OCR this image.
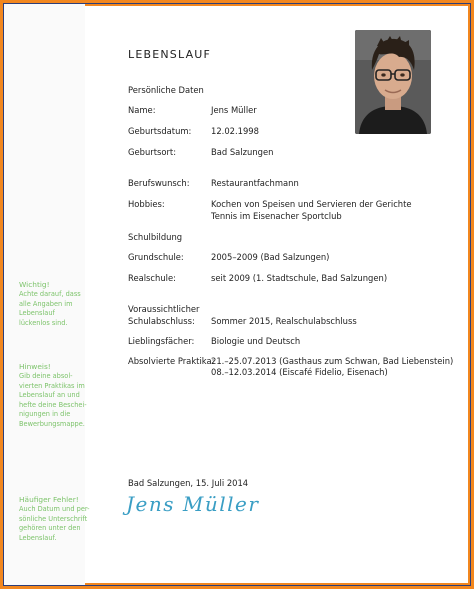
Wichtig!
Achte darauf, dass
alle Angaben im
Lebenslauf
lückenlos sind.
Hinweis!
Gib deine absol-
vierten Praktikas im
Lebenslauf an und
hefte deine Beschei-
nigungen in die
Bewerbungsmappe.
Häufiger Fehler!
Auch Datum und per-
sönliche Unterschrift
gehören unter den
Lebenslauf.
LEBENSLAUF
Persönliche Daten
Name:	Jens Müller
Geburtsdatum: 12.02.1998
Geburtsort:	Bad Salzungen
Berufswunsch:	Restaurantfachmann
Hobbies:	Kochen von Speisen und Servieren der Gerichte
Tennis im Eisenacher Sportclub
Schulbildung
Grundschule:	2005–2009 (Bad Salzungen)
Realschule:	seit 2009 (1. Stadtschule, Bad Salzungen)
Voraussichtlicher
Schulabschluss: Sommer 2015, Realschulabschluss
Lieblingsfächer: Biologie und Deutsch
Absolvierte Praktika:
21.–25.07.2013 (Gasthaus zum Schwan, Bad Liebenstein)
08.–12.03.2014 (Eiscafé Fidelio, Eisenach)
Bad Salzungen, 15. Juli 2014
Jens Müller
